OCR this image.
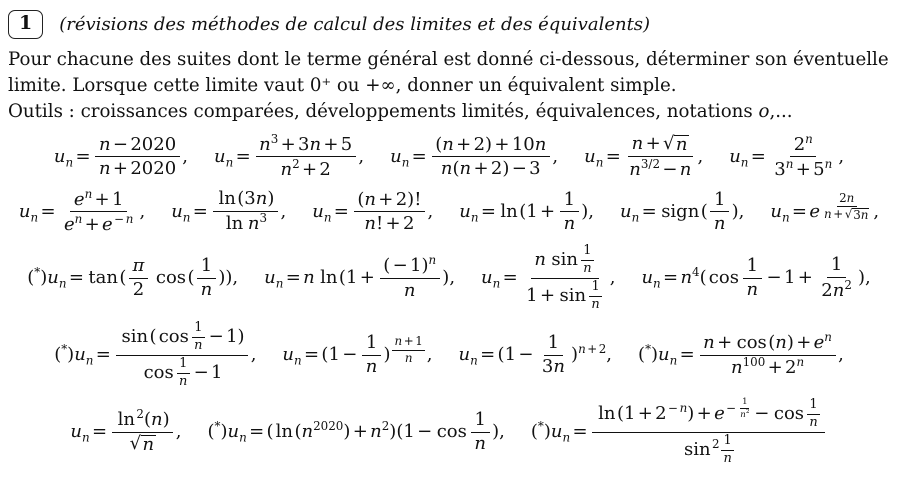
1	(révisions des méthodes de calcul des limites et des équivalents)

Pour chacune des suites dont le terme général est donné ci-dessous, déterminer son éventuelle limite. Lorsque cette limite vaut 0⁺ ou +∞, donner un équivalent simple.

Outils : croissances comparées, développements limités, équivalences, notations o,...

$u_n = \frac{n - 2020}{n + 2020}$ , $u_n = \frac{n^3 + 3n + 5}{n^2 + 2}$ , $u_n = \frac{(n + 2) + 10n}{n(n + 2) - 3}$ , $u_n = \frac{n + √ n}{n^{3/2} - n}$ , $u_n = \frac{2^n}{3^n + 5^n}$ ,
$u_n = \frac{e^n + 1}{e^n + e ^{- n}}$ , $u_n = \frac{\ln(3n)}{\ln n^3}$ , $u_n = \frac{(n + 2)!}{n! + 2}$ , $u_n = \ln(1 + \frac{1}{n}$ ), $u_n$ = sign( $\frac{1}{n}$ ), $u_n = e$ $^{\frac{2n}{n + √ 3n}}$ ,
$(^*)u_n = \tan( \frac{\pi}{2} \cos( \frac{1}{n}$ )), $u_n = n$ $\ln(1 + \frac{( - 1)^n}{n}$ ), $u_n = \frac{n \sin \frac{1}{n}}{1 + \sin \frac{1}{n}}$ , $u_n = n^4$( $\cos \frac{1}{n} - 1 + \frac{1}{2n^2}$ ),
$(^*)u_n = \frac{\sin( \cos \frac{1}{n} - 1)}{\cos \frac{1}{n} - 1}$ , $u_n = (1 - \frac{1}{n}$ ) $^{\frac{n + 1}{n}}$ , $u_n = (1 - \frac{1}{3n} )^{n + 2}$, $(^*)u_n = \frac{n + \cos(n) + e^n}{n^{100} + 2^n}$ ,
$u_n = \frac{\ln^2(n)}{√ n}$ , $(^*)u_n$ = ( $\ln(n^{2020}) + n^2)(1 - \cos \frac{1}{n}$ ), $(^*)u_n = \ln(1 + 2$ $^{- n}$) + e $^{- \frac{1}{n^2}} - \cos \frac{1}{n}$
$\sin^2 \frac{1}{n}$
